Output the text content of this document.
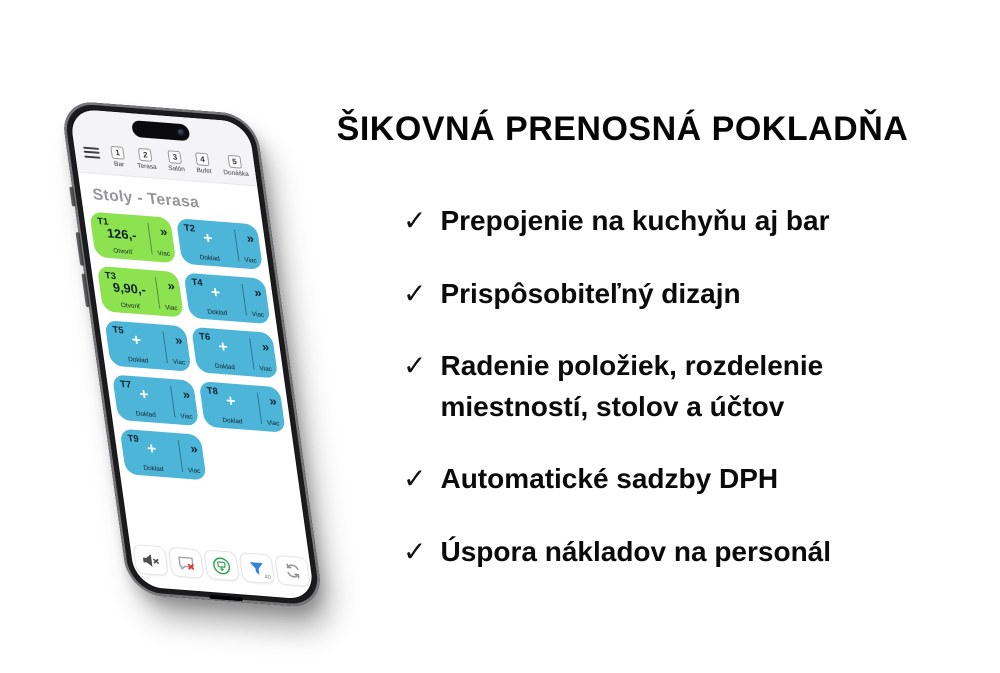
1
Bar
2
Terasa
3
Salón
4
Bufet
5
Donáška
Stoly - Terasa
T1
126,-
Otvoriť
»
Viac
T2
+
Doklad
»
Viac
T3
9,90,-
Otvoriť
»
Viac
T4
+
Doklad
»
Viac
T5
+
Doklad
»
Viac
T6
+
Doklad
»
Viac
T7
+
Doklad
»
Viac
T8
+
Doklad
»
Viac
T9
+
Doklad
»
Viac
40
ŠIKOVNÁ PRENOSNÁ POKLADŇA
✓ Prepojenie na kuchyňu aj bar
✓ Prispôsobiteľný dizajn
✓ Radenie položiek, rozdelenie miestností, stolov a účtov
✓ Automatické sadzby DPH
✓ Úspora nákladov na personál
